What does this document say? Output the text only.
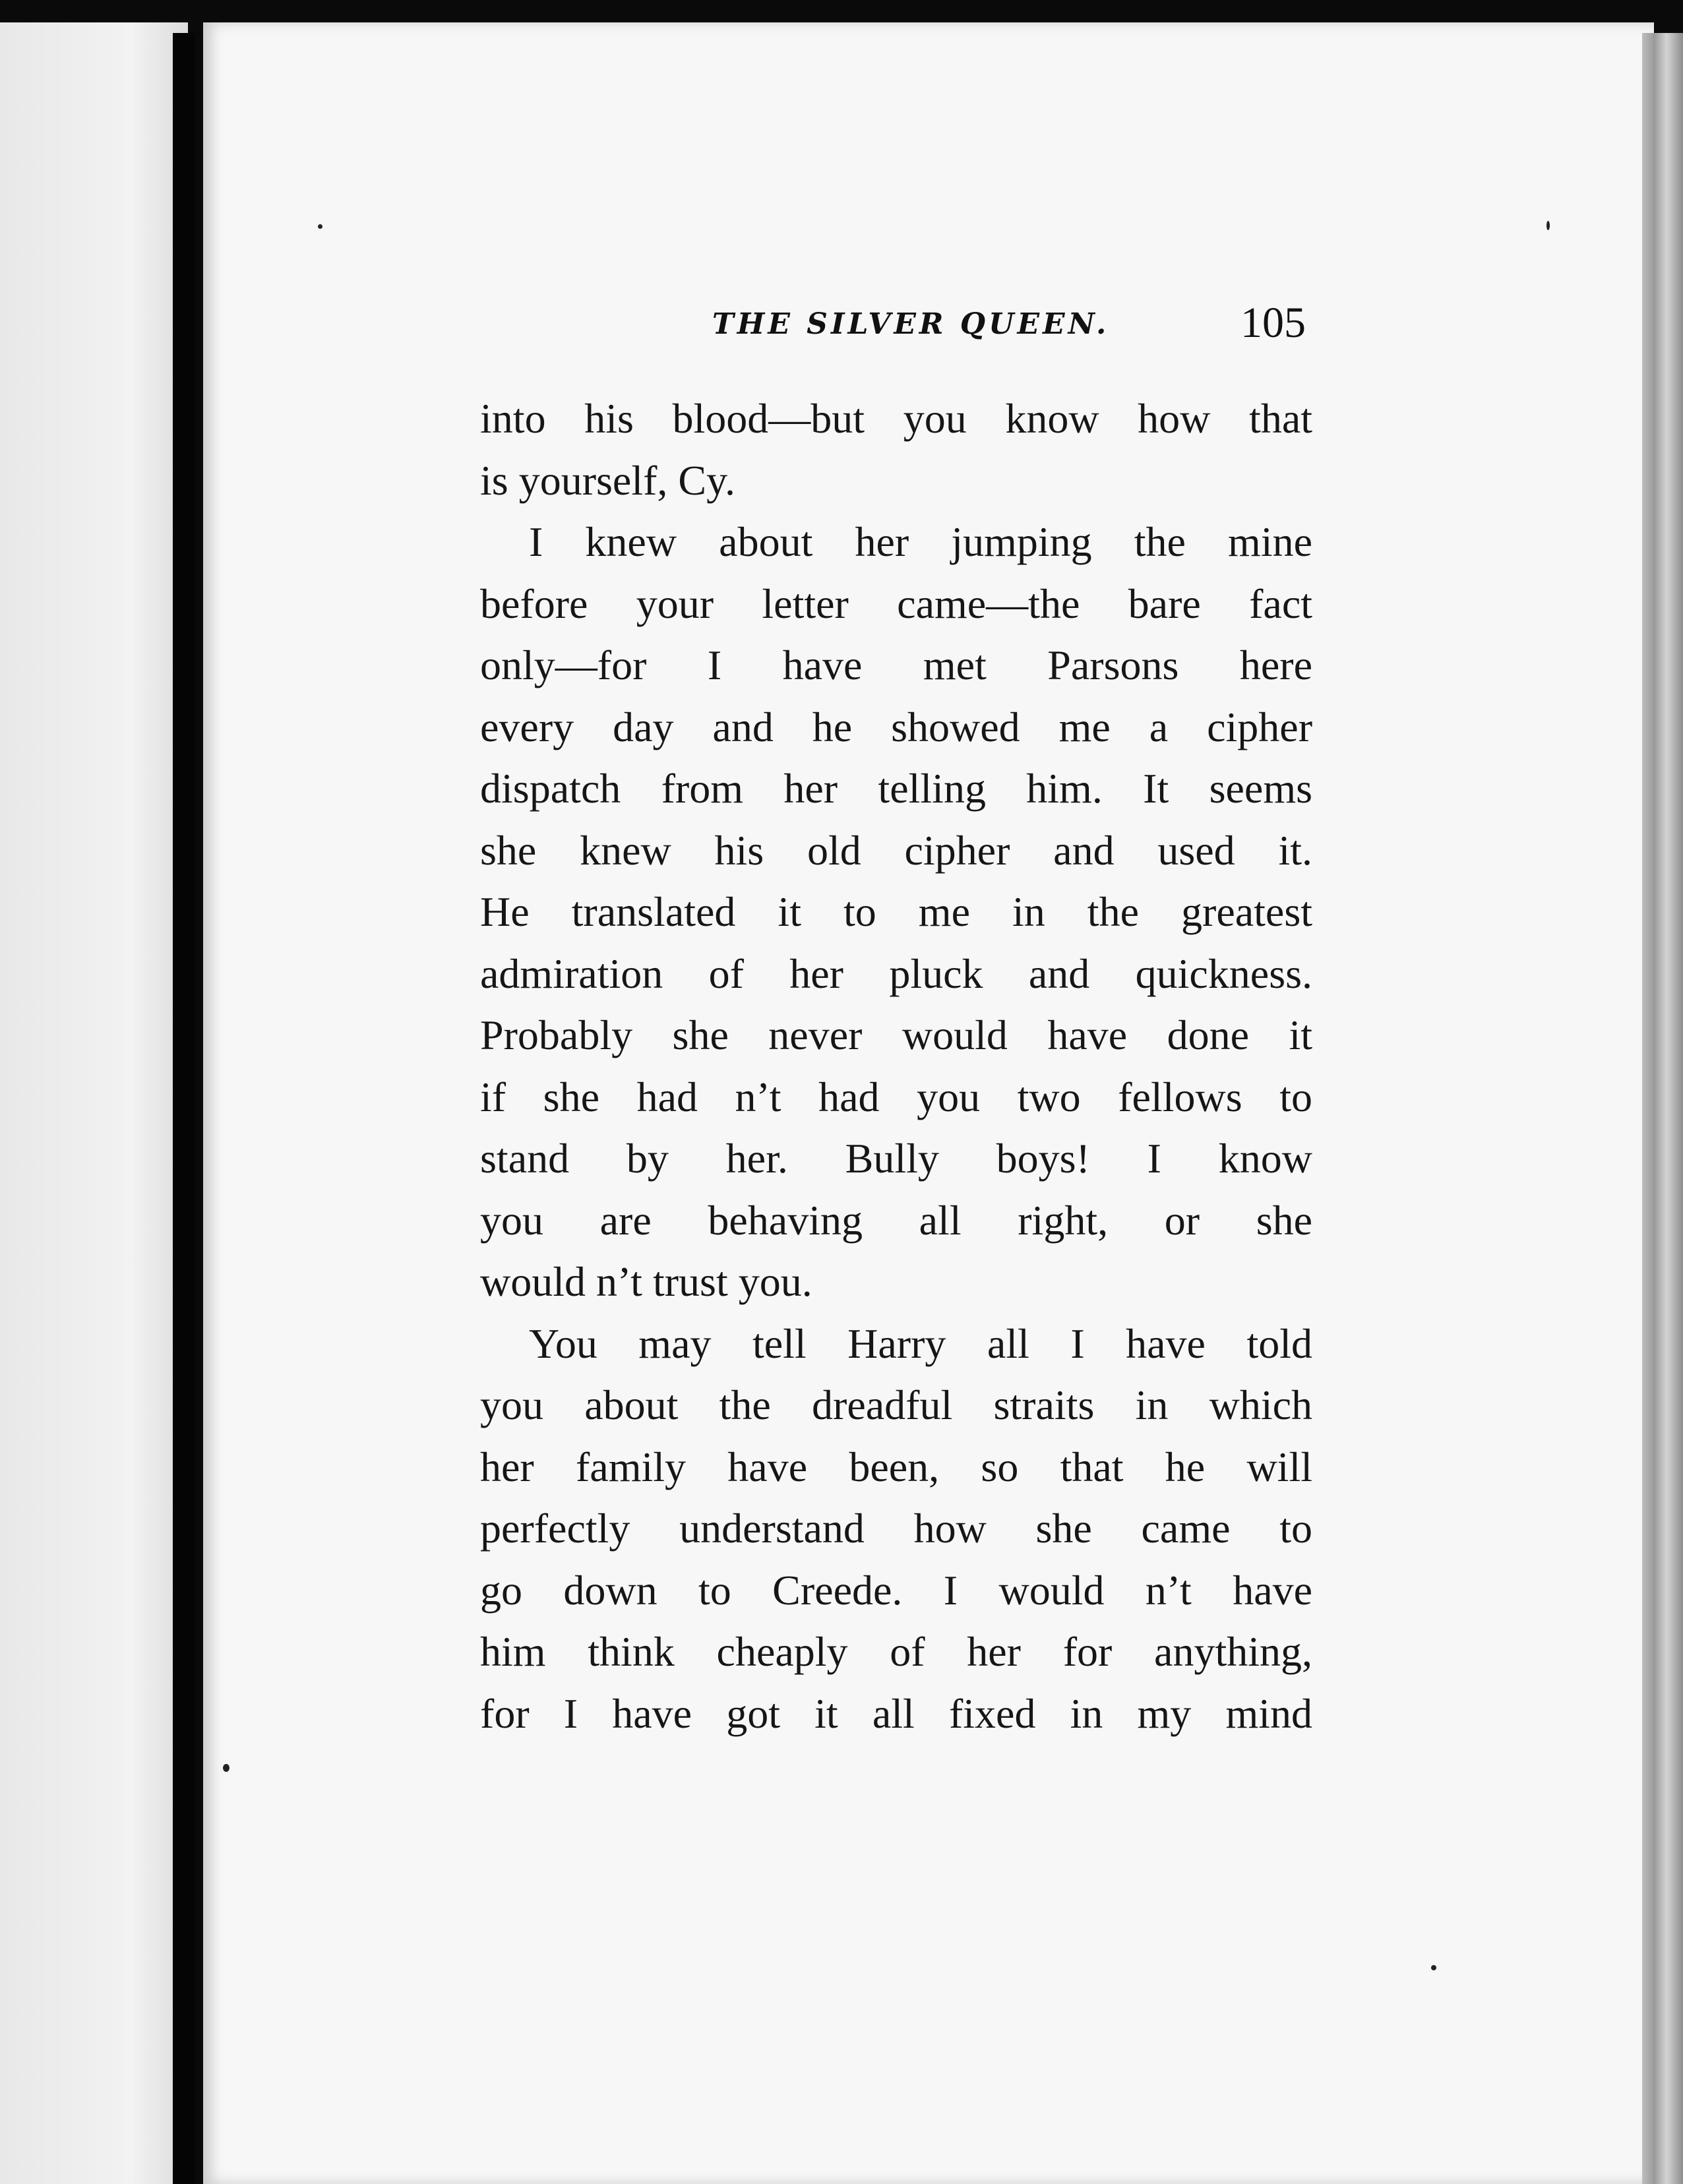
THE SILVER QUEEN.	105
into his blood—but you know how that
is yourself, Cy.
I knew about her jumping the mine
before your letter came—the bare fact
only—for I have met Parsons here
every day and he showed me a cipher
dispatch from her telling him. It seems
she knew his old cipher and used it.
He translated it to me in the greatest
admiration of her pluck and quickness.
Probably she never would have done it
if she had n’t had you two fellows to
stand by her. Bully boys! I know
you are behaving all right, or she
would n’t trust you.
You may tell Harry all I have told
you about the dreadful straits in which
her family have been, so that he will
perfectly understand how she came to
go down to Creede. I would n’t have
him think cheaply of her for anything,
for I have got it all fixed in my mind
